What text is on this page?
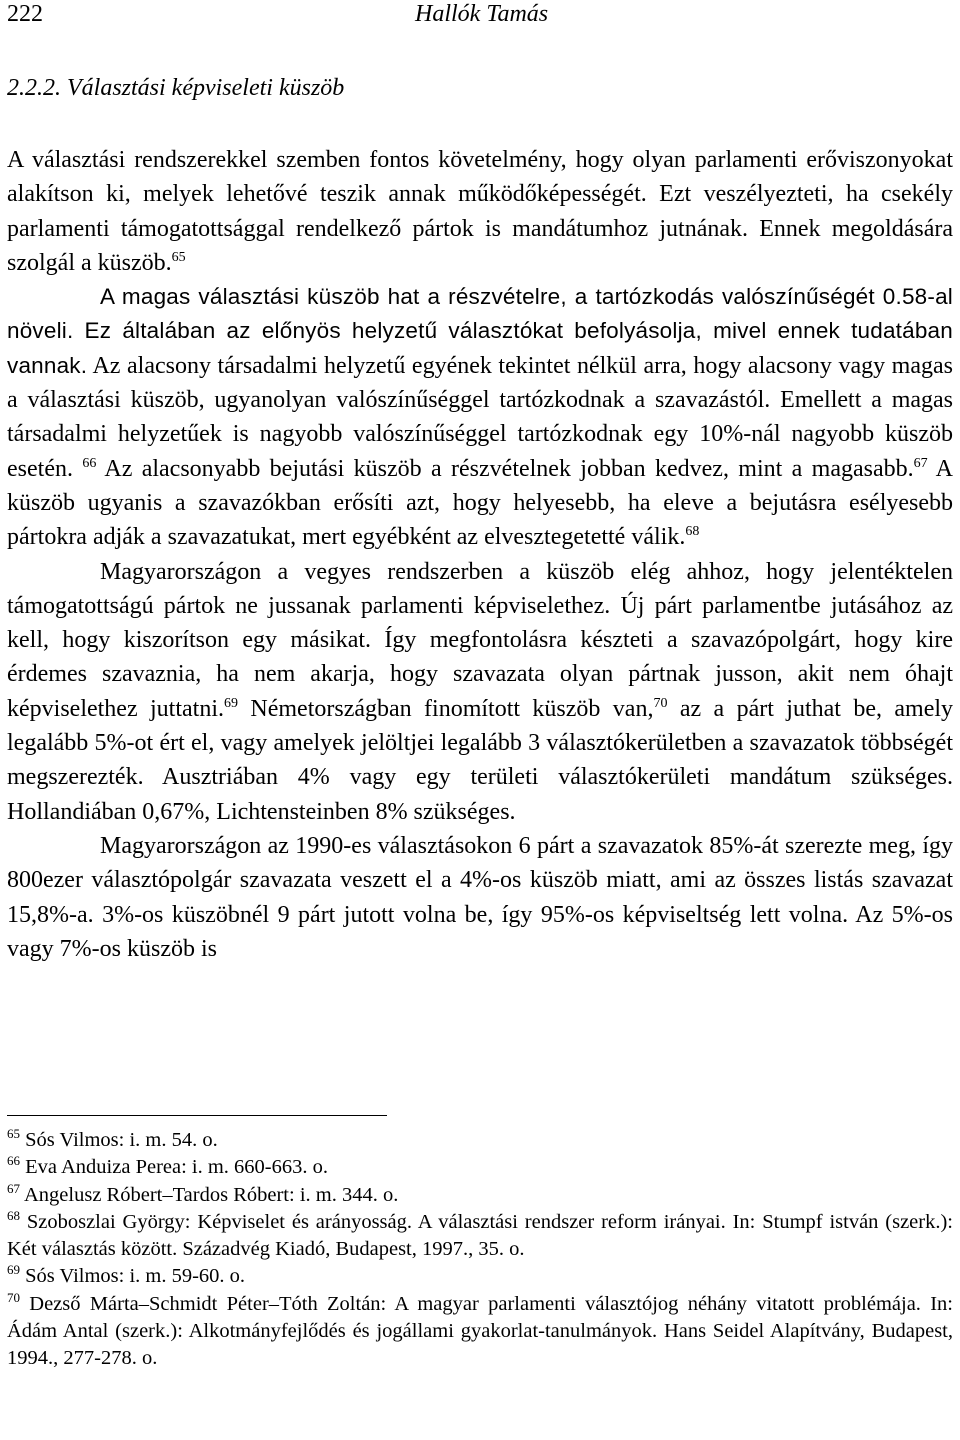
222	Hallók Tamás
2.2.2. Választási képviseleti küszöb

A választási rendszerekkel szemben fontos követelmény, hogy olyan parlamenti erőviszonyokat alakítson ki, melyek lehetővé teszik annak működőképességét. Ezt veszélyezteti, ha csekély parlamenti támogatottsággal rendelkező pártok is mandátumhoz jutnának. Ennek megoldására szolgál a küszöb.$^{65}$

A magas választási küszöb hat a részvételre, a tartózkodás valószínűségét 0.58-al növeli. Ez általában az előnyös helyzetű választókat befolyásolja, mivel ennek tudatában vannak. Az alacsony társadalmi helyzetű egyének tekintet nélkül arra, hogy alacsony vagy magas a választási küszöb, ugyanolyan valószínűséggel tartózkodnak a szavazástól. Emellett a magas társadalmi helyzetűek is nagyobb valószínűséggel tartózkodnak egy 10%-nál nagyobb küszöb esetén. $^{66}$ Az alacsonyabb bejutási küszöb a részvételnek jobban kedvez, mint a magasabb.$^{67}$ A küszöb ugyanis a szavazókban erősíti azt, hogy helyesebb, ha eleve a bejutásra esélyesebb pártokra adják a szavazatukat, mert egyébként az elvesztegetetté válik.$^{68}$

Magyarországon a vegyes rendszerben a küszöb elég ahhoz, hogy jelentéktelen támogatottságú pártok ne jussanak parlamenti képviselethez. Új párt parlamentbe jutásához az kell, hogy kiszorítson egy másikat. Így megfontolásra készteti a szavazópolgárt, hogy kire érdemes szavaznia, ha nem akarja, hogy szavazata olyan pártnak jusson, akit nem óhajt képviselethez juttatni.$^{69}$ Németországban finomított küszöb van,$^{70}$ az a párt juthat be, amely legalább 5%-ot ért el, vagy amelyek jelöltjei legalább 3 választókerületben a szavazatok többségét megszerezték. Ausztriában 4% vagy egy területi választókerületi mandátum szükséges. Hollandiában 0,67%, Lichtensteinben 8% szükséges.

Magyarországon az 1990-es választásokon 6 párt a szavazatok 85%-át szerezte meg, így 800ezer választópolgár szavazata veszett el a 4%-os küszöb miatt, ami az összes listás szavazat 15,8%-a. 3%-os küszöbnél 9 párt jutott volna be, így 95%-os képviseltség lett volna. Az 5%-os vagy 7%-os küszöb is

$^{65}$ Sós Vilmos: i. m. 54. o.

$^{66}$ Eva Anduiza Perea: i. m. 660-663. o.

$^{67}$ Angelusz Róbert–Tardos Róbert: i. m. 344. o.

$^{68}$ Szoboszlai György: Képviselet és arányosság. A választási rendszer reform irányai. In: Stumpf istván (szerk.): Két választás között. Századvég Kiadó, Budapest, 1997., 35. o.

$^{69}$ Sós Vilmos: i. m. 59-60. o.

$^{70}$ Dezső Márta–Schmidt Péter–Tóth Zoltán: A magyar parlamenti választójog néhány vitatott problémája. In: Ádám Antal (szerk.): Alkotmányfejlődés és jogállami gyakorlat-tanulmányok. Hans Seidel Alapítvány, Budapest, 1994., 277-278. o.
